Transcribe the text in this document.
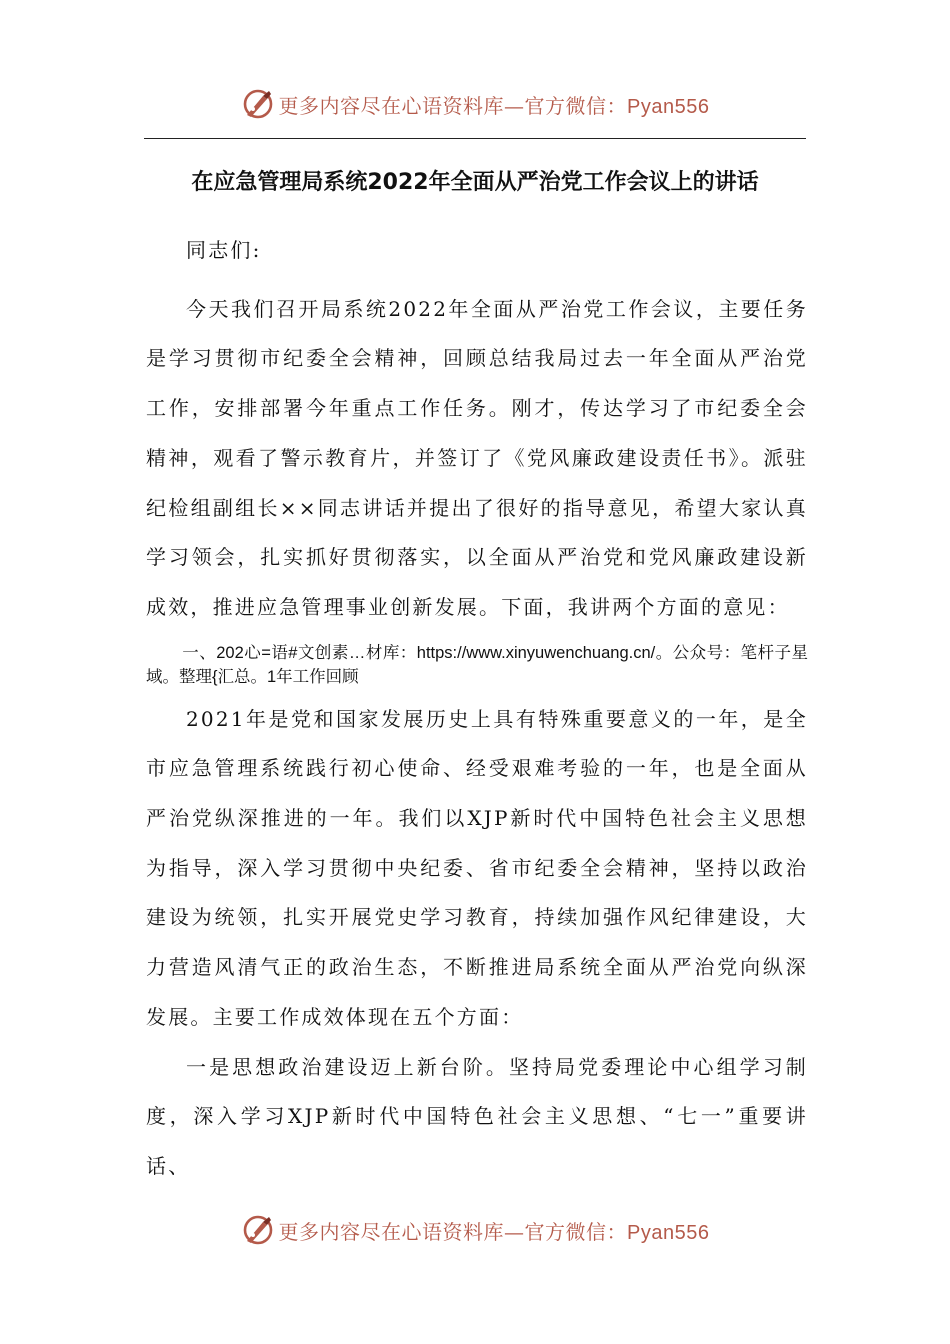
更多内容尽在心语资料库—官方微信：Pyan556
在应急管理局系统2022年全面从严治党工作会议上的讲话

同志们:

今天我们召开局系统2022年全面从严治党工作会议，主要任务是学习贯彻市纪委全会精神，回顾总结我局过去一年全面从严治党工作，安排部署今年重点工作任务。刚才，传达学习了市纪委全会精神，观看了警示教育片，并签订了《党风廉政建设责任书》。派驻纪检组副组长××同志讲话并提出了很好的指导意见，希望大家认真学习领会，扎实抓好贯彻落实，以全面从严治党和党风廉政建设新成效，推进应急管理事业创新发展。下面，我讲两个方面的意见：

一、202心=语#文创素…材库：https://www.xinyuwenchuang.cn/。公众号：笔杆子星域。整理{汇总。1年工作回顾

2021年是党和国家发展历史上具有特殊重要意义的一年，是全市应急管理系统践行初心使命、经受艰难考验的一年，也是全面从严治党纵深推进的一年。我们以XJP新时代中国特色社会主义思想为指导，深入学习贯彻中央纪委、省市纪委全会精神，坚持以政治建设为统领，扎实开展党史学习教育，持续加强作风纪律建设，大力营造风清气正的政治生态，不断推进局系统全面从严治党向纵深发展。主要工作成效体现在五个方面：

一是思想政治建设迈上新台阶。坚持局党委理论中心组学习制度，深入学习XJP新时代中国特色社会主义思想、“七一”重要讲话、

更多内容尽在心语资料库—官方微信：Pyan556
